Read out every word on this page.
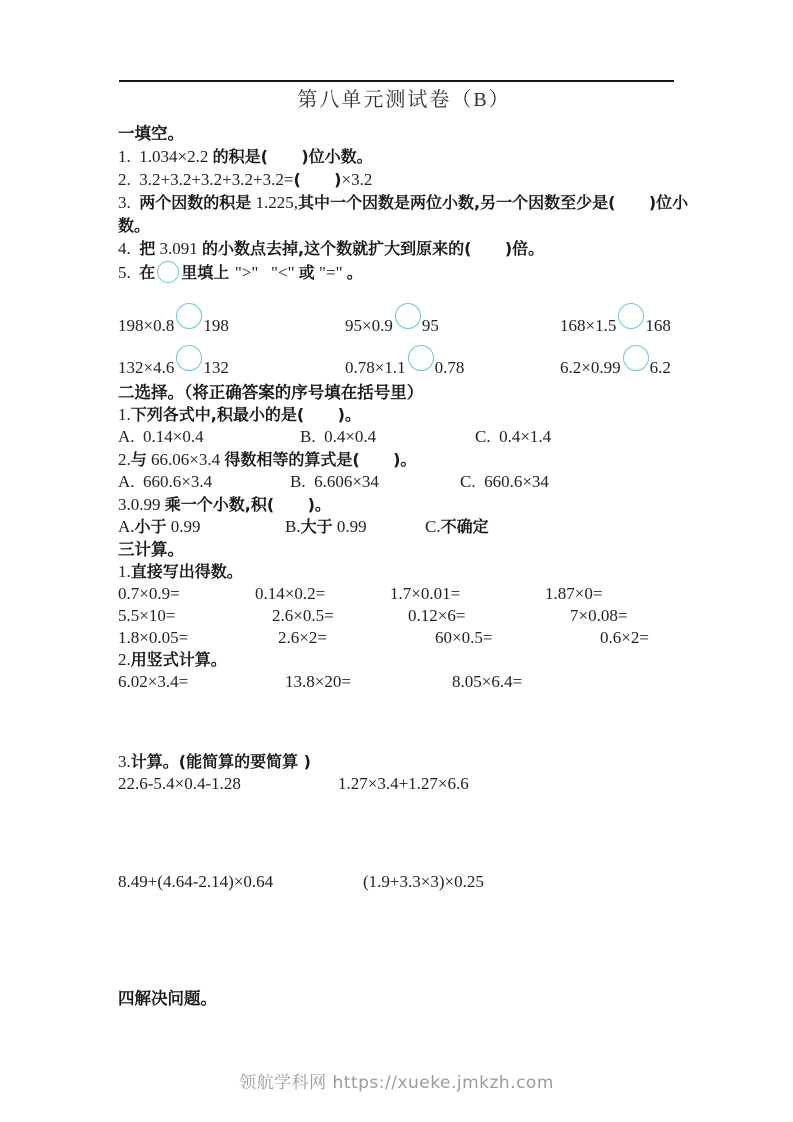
第八单元测试卷（B）
一填空。

1.  1.034×2.2 的积是(      )位小数。

2.  3.2+3.2+3.2+3.2+3.2=(      )×3.2

3.  两个因数的积是 1.225,其中一个因数是两位小数,另一个因数至少是(      )位小数。

4.  把 3.091 的小数点去掉,这个数就扩大到原来的(      )倍。

5.  在 里填上 ">"   "<" 或 "=" 。

198×0.8 198	95×0.9 95	168×1.5 168
132×4.6 132	0.78×1.1 0.78	6.2×0.99 6.2
二选择。（将正确答案的序号填在括号里）

1.下列各式中,积最小的是(      )。

A.  0.14×0.4	B.  0.4×0.4	C.  0.4×1.4

2.与 66.06×3.4 得数相等的算式是(      )。

A.  660.6×3.4	B.  6.606×34	C.  660.6×34

3.0.99 乘一个小数,积(      )。

A.小于 0.99	B.大于 0.99	C.不确定
三计算。

1.直接写出得数。

0.7×0.9=	0.14×0.2=	1.7×0.01=	1.87×0=
5.5×10=	2.6×0.5=	0.12×6=	7×0.08=
1.8×0.05=	2.6×2=	60×0.5=	0.6×2=

2.用竖式计算。

6.02×3.4=	13.8×20=	8.05×6.4=

3.计算。(能简算的要简算 )

22.6-5.4×0.4-1.28	1.27×3.4+1.27×6.6
8.49+(4.64-2.14)×0.64	(1.9+3.3×3)×0.25
四解决问题。
领航学科网 https://xueke.jmkzh.com
